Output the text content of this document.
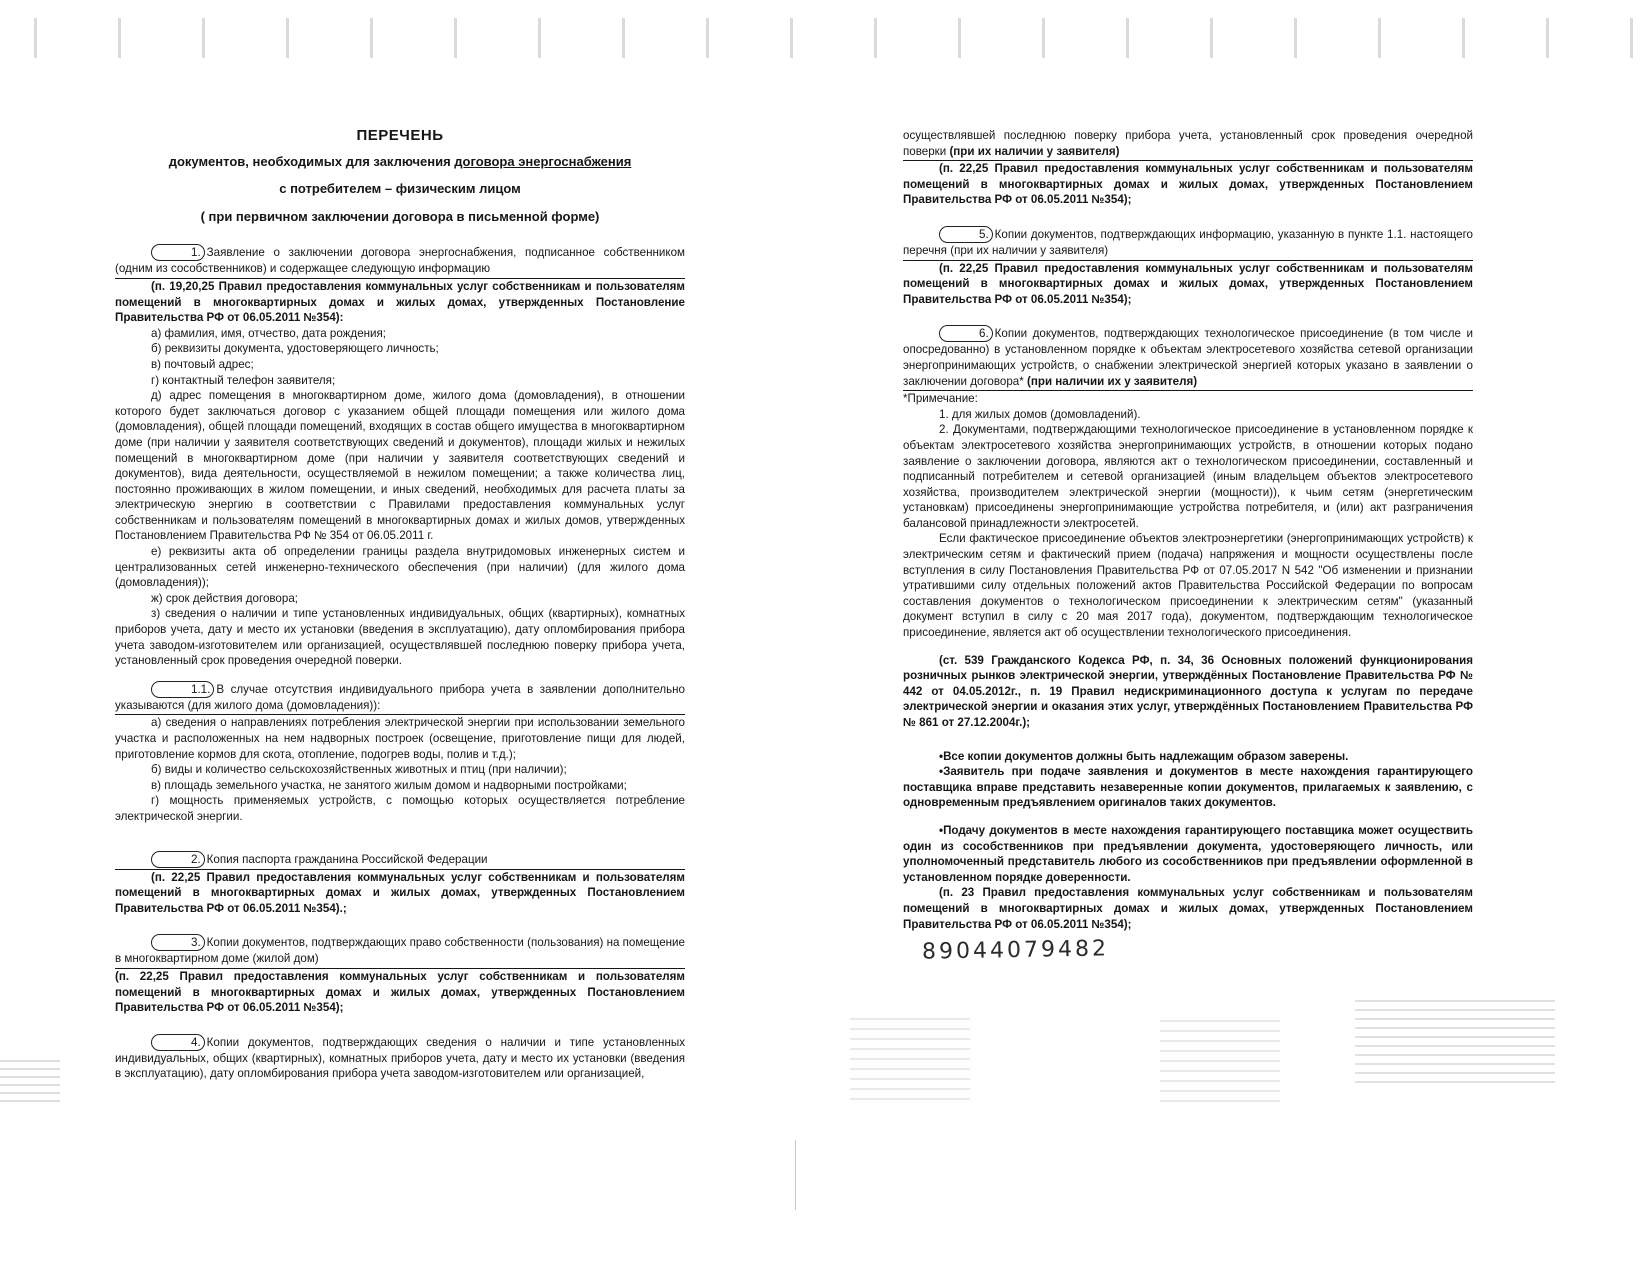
ПЕРЕЧЕНЬ
документов, необходимых для заключения договора энергоснабжения
с потребителем – физическим лицом
( при первичном заключении договора в письменной форме)

1. Заявление о заключении договора энергоснабжения, подписанное собственником (одним из сособственников) и содержащее следующую информацию

(п. 19,20,25 Правил предоставления коммунальных услуг собственникам и пользователям помещений в многоквартирных домах и жилых домах, утвержденных Постановление Правительства РФ от 06.05.2011 №354):

а) фамилия, имя, отчество, дата рождения;

б) реквизиты документа, удостоверяющего личность;

в) почтовый адрес;

г) контактный телефон заявителя;

д) адрес помещения в многоквартирном доме, жилого дома (домовладения), в отношении которого будет заключаться договор с указанием общей площади помещения или жилого дома (домовладения), общей площади помещений, входящих в состав общего имущества в многоквартирном доме (при наличии у заявителя соответствующих сведений и документов), площади жилых и нежилых помещений в многоквартирном доме (при наличии у заявителя соответствующих сведений и документов), вида деятельности, осуществляемой в нежилом помещении; а также количества лиц, постоянно проживающих в жилом помещении, и иных сведений, необходимых для расчета платы за электрическую энергию в соответствии с Правилами предоставления коммунальных услуг собственникам и пользователям помещений в многоквартирных домах и жилых домов, утвержденных Постановлением Правительства РФ № 354 от 06.05.2011 г.

е) реквизиты акта об определении границы раздела внутридомовых инженерных систем и централизованных сетей инженерно-технического обеспечения (при наличии) (для жилого дома (домовладения));

ж) срок действия договора;

з) сведения о наличии и типе установленных индивидуальных, общих (квартирных), комнатных приборов учета, дату и место их установки (введения в эксплуатацию), дату опломбирования прибора учета заводом-изготовителем или организацией, осуществлявшей последнюю поверку прибора учета, установленный срок проведения очередной поверки.

1.1. В случае отсутствия индивидуального прибора учета в заявлении дополнительно указываются (для жилого дома (домовладения)):

а) сведения о направлениях потребления электрической энергии при использовании земельного участка и расположенных на нем надворных построек (освещение, приготовление пищи для людей, приготовление кормов для скота, отопление, подогрев воды, полив и т.д.);

б) виды и количество сельскохозяйственных животных и птиц (при наличии);

в) площадь земельного участка, не занятого жилым домом и надворными постройками;

г) мощность применяемых устройств, с помощью которых осуществляется потребление электрической энергии.

2. Копия паспорта гражданина Российской Федерации

(п. 22,25 Правил предоставления коммунальных услуг собственникам и пользователям помещений в многоквартирных домах и жилых домах, утвержденных Постановлением Правительства РФ от 06.05.2011 №354).;

3. Копии документов, подтверждающих право собственности (пользования) на помещение в многоквартирном доме (жилой дом)

(п. 22,25 Правил предоставления коммунальных услуг собственникам и пользователям помещений в многоквартирных домах и жилых домах, утвержденных Постановлением Правительства РФ от 06.05.2011 №354);

4. Копии документов, подтверждающих сведения о наличии и типе установленных индивидуальных, общих (квартирных), комнатных приборов учета, дату и место их установки (введения в эксплуатацию), дату опломбирования прибора учета заводом-изготовителем или организацией,

осуществлявшей последнюю поверку прибора учета, установленный срок проведения очередной поверки (при их наличии у заявителя)

(п. 22,25 Правил предоставления коммунальных услуг собственникам и пользователям помещений в многоквартирных домах и жилых домах, утвержденных Постановлением Правительства РФ от 06.05.2011 №354);

5. Копии документов, подтверждающих информацию, указанную в пункте 1.1. настоящего перечня (при их наличии у заявителя)

(п. 22,25 Правил предоставления коммунальных услуг собственникам и пользователям помещений в многоквартирных домах и жилых домах, утвержденных Постановлением Правительства РФ от 06.05.2011 №354);

6. Копии документов, подтверждающих технологическое присоединение (в том числе и опосредованно) в установленном порядке к объектам электросетевого хозяйства сетевой организации энергопринимающих устройств, о снабжении электрической энергией которых указано в заявлении о заключении договора* (при наличии их у заявителя)

*Примечание:

1. для жилых домов (домовладений).

2. Документами, подтверждающими технологическое присоединение в установленном порядке к объектам электросетевого хозяйства энергопринимающих устройств, в отношении которых подано заявление о заключении договора, являются акт о технологическом присоединении, составленный и подписанный потребителем и сетевой организацией (иным владельцем объектов электросетевого хозяйства, производителем электрической энергии (мощности)), к чьим сетям (энергетическим установкам) присоединены энергопринимающие устройства потребителя, и (или) акт разграничения балансовой принадлежности электросетей.

Если фактическое присоединение объектов электроэнергетики (энергопринимающих устройств) к электрическим сетям и фактический прием (подача) напряжения и мощности осуществлены после вступления в силу Постановления Правительства РФ от 07.05.2017 N 542 "Об изменении и признании утратившими силу отдельных положений актов Правительства Российской Федерации по вопросам составления документов о технологическом присоединении к электрическим сетям" (указанный документ вступил в силу с 20 мая 2017 года), документом, подтверждающим технологическое присоединение, является акт об осуществлении технологического присоединения.

(ст. 539 Гражданского Кодекса РФ, п. 34, 36 Основных положений функционирования розничных рынков электрической энергии, утверждённых Постановление Правительства РФ № 442 от 04.05.2012г., п. 19 Правил недискриминационного доступа к услугам по передаче электрической энергии и оказания этих услуг, утверждённых Постановлением Правительства РФ № 861 от 27.12.2004г.);

• Все копии документов должны быть надлежащим образом заверены.

• Заявитель при подаче заявления и документов в месте нахождения гарантирующего поставщика вправе представить незаверенные копии документов, прилагаемых к заявлению, с одновременным предъявлением оригиналов таких документов.

• Подачу документов в месте нахождения гарантирующего поставщика может осуществить один из сособственников при предъявлении документа, удостоверяющего личность, или уполномоченный представитель любого из сособственников при предъявлении оформленной в установленном порядке доверенности.

(п. 23 Правил предоставления коммунальных услуг собственникам и пользователям помещений в многоквартирных домах и жилых домах, утвержденных Постановлением Правительства РФ от 06.05.2011 №354);

89044079482
